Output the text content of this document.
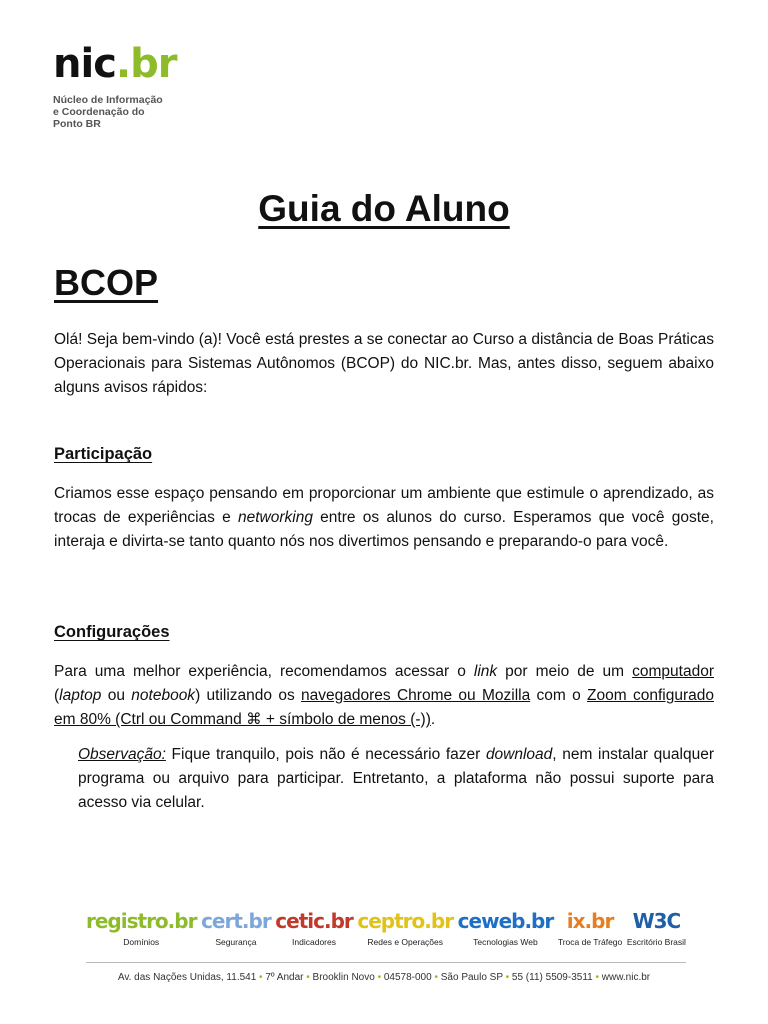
nic.br
Núcleo de Informação
e Coordenação do
Ponto BR
Guia do Aluno
BCOP
Olá! Seja bem-vindo (a)! Você está prestes a se conectar ao Curso a distância de Boas Práticas Operacionais para Sistemas Autônomos (BCOP) do NIC.br. Mas, antes disso, seguem abaixo alguns avisos rápidos:
Participação
Criamos esse espaço pensando em proporcionar um ambiente que estimule o aprendizado, as trocas de experiências e networking entre os alunos do curso. Esperamos que você goste, interaja e divirta-se tanto quanto nós nos divertimos pensando e preparando-o para você.
Configurações
Para uma melhor experiência, recomendamos acessar o link por meio de um computador (laptop ou notebook) utilizando os navegadores Chrome ou Mozilla com o Zoom configurado em 80% (Ctrl ou Command ⌘ + símbolo de menos (-)).
Observação: Fique tranquilo, pois não é necessário fazer download, nem instalar qualquer programa ou arquivo para participar. Entretanto, a plataforma não possui suporte para acesso via celular.
registro.br
Domínios
cert.br
Segurança
cetic.br
Indicadores
ceptro.br
Redes e Operações
ceweb.br
Tecnologias Web
ix.br
Troca de Tráfego
W3C
Escritório Brasil
Av. das Nações Unidas, 11.541 • 7º Andar • Brooklin Novo • 04578-000 • São Paulo SP • 55 (11) 5509-3511 • www.nic.br
